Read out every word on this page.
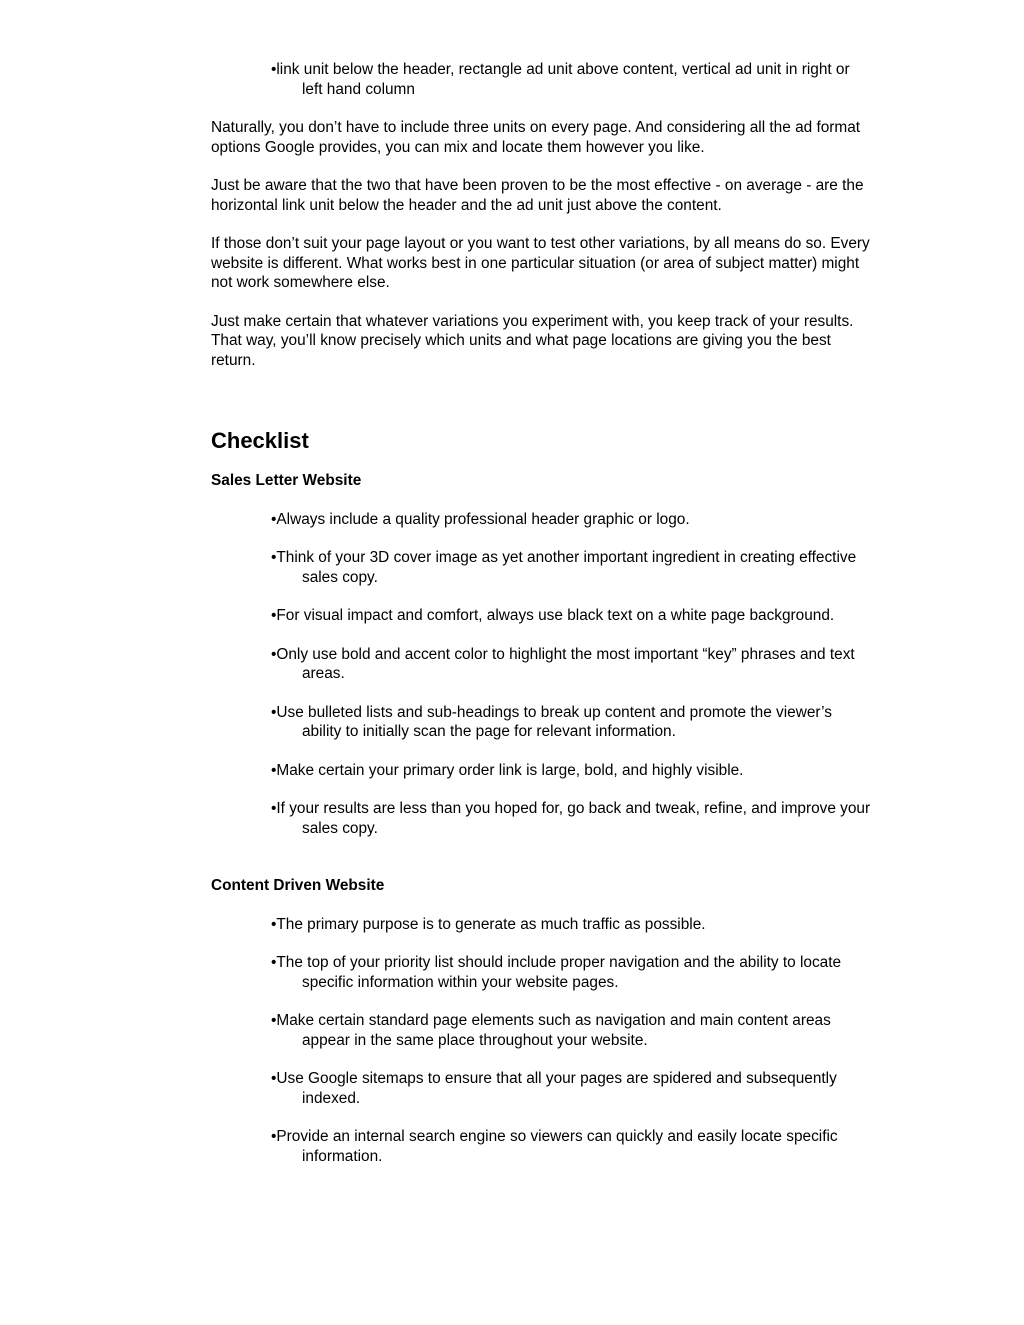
•link unit below the header, rectangle ad unit above content, vertical ad unit in right or left hand column
Naturally, you don’t have to include three units on every page. And considering all the ad format options Google provides, you can mix and locate them however you like.
Just be aware that the two that have been proven to be the most effective - on average - are the horizontal link unit below the header and the ad unit just above the content.
If those don’t suit your page layout or you want to test other variations, by all means do so. Every website is different. What works best in one particular situation (or area of subject matter) might not work somewhere else.
Just make certain that whatever variations you experiment with, you keep track of your results. That way, you’ll know precisely which units and what page locations are giving you the best return.
Checklist
Sales Letter Website
•Always include a quality professional header graphic or logo.
•Think of your 3D cover image as yet another important ingredient in creating effective sales copy.
•For visual impact and comfort, always use black text on a white page background.
•Only use bold and accent color to highlight the most important “key” phrases and text areas.
•Use bulleted lists and sub-headings to break up content and promote the viewer’s ability to initially scan the page for relevant information.
•Make certain your primary order link is large, bold, and highly visible.
•If your results are less than you hoped for, go back and tweak, refine, and improve your sales copy.
Content Driven Website
•The primary purpose is to generate as much traffic as possible.
•The top of your priority list should include proper navigation and the ability to locate specific information within your website pages.
•Make certain standard page elements such as navigation and main content areas appear in the same place throughout your website.
•Use Google sitemaps to ensure that all your pages are spidered and subsequently indexed.
•Provide an internal search engine so viewers can quickly and easily locate specific information.
